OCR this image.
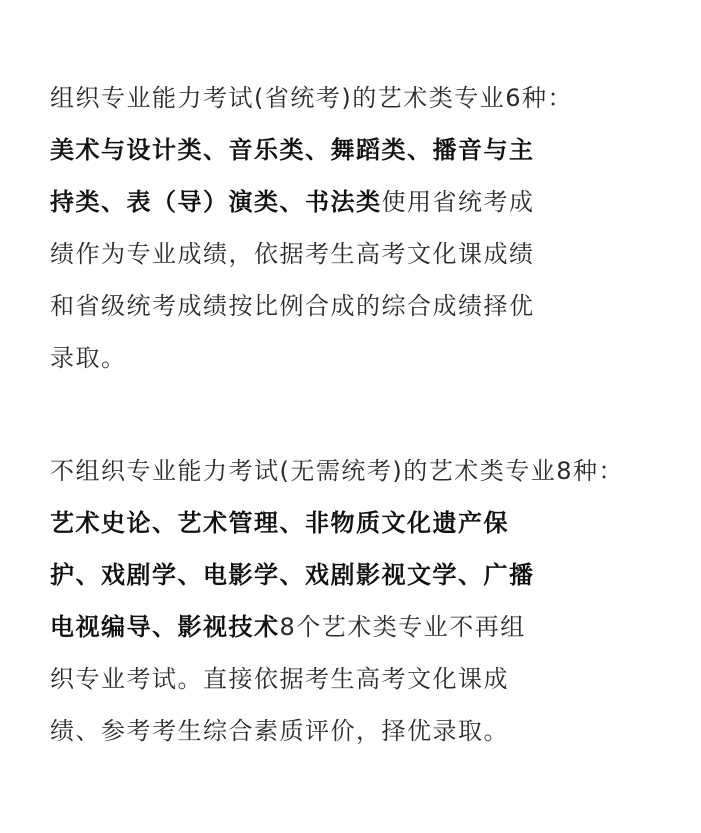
组织专业能力考试(省统考)的艺术类专业6种：
美术与设计类、音乐类、舞蹈类、播音与主
持类、表（导）演类、书法类使用省统考成
绩作为专业成绩，依据考生高考文化课成绩
和省级统考成绩按比例合成的综合成绩择优
录取。
不组织专业能力考试(无需统考)的艺术类专业8种：
艺术史论、艺术管理、非物质文化遗产保
护、戏剧学、电影学、戏剧影视文学、广播
电视编导、影视技术8个艺术类专业不再组
织专业考试。直接依据考生高考文化课成
绩、参考考生综合素质评价，择优录取。
